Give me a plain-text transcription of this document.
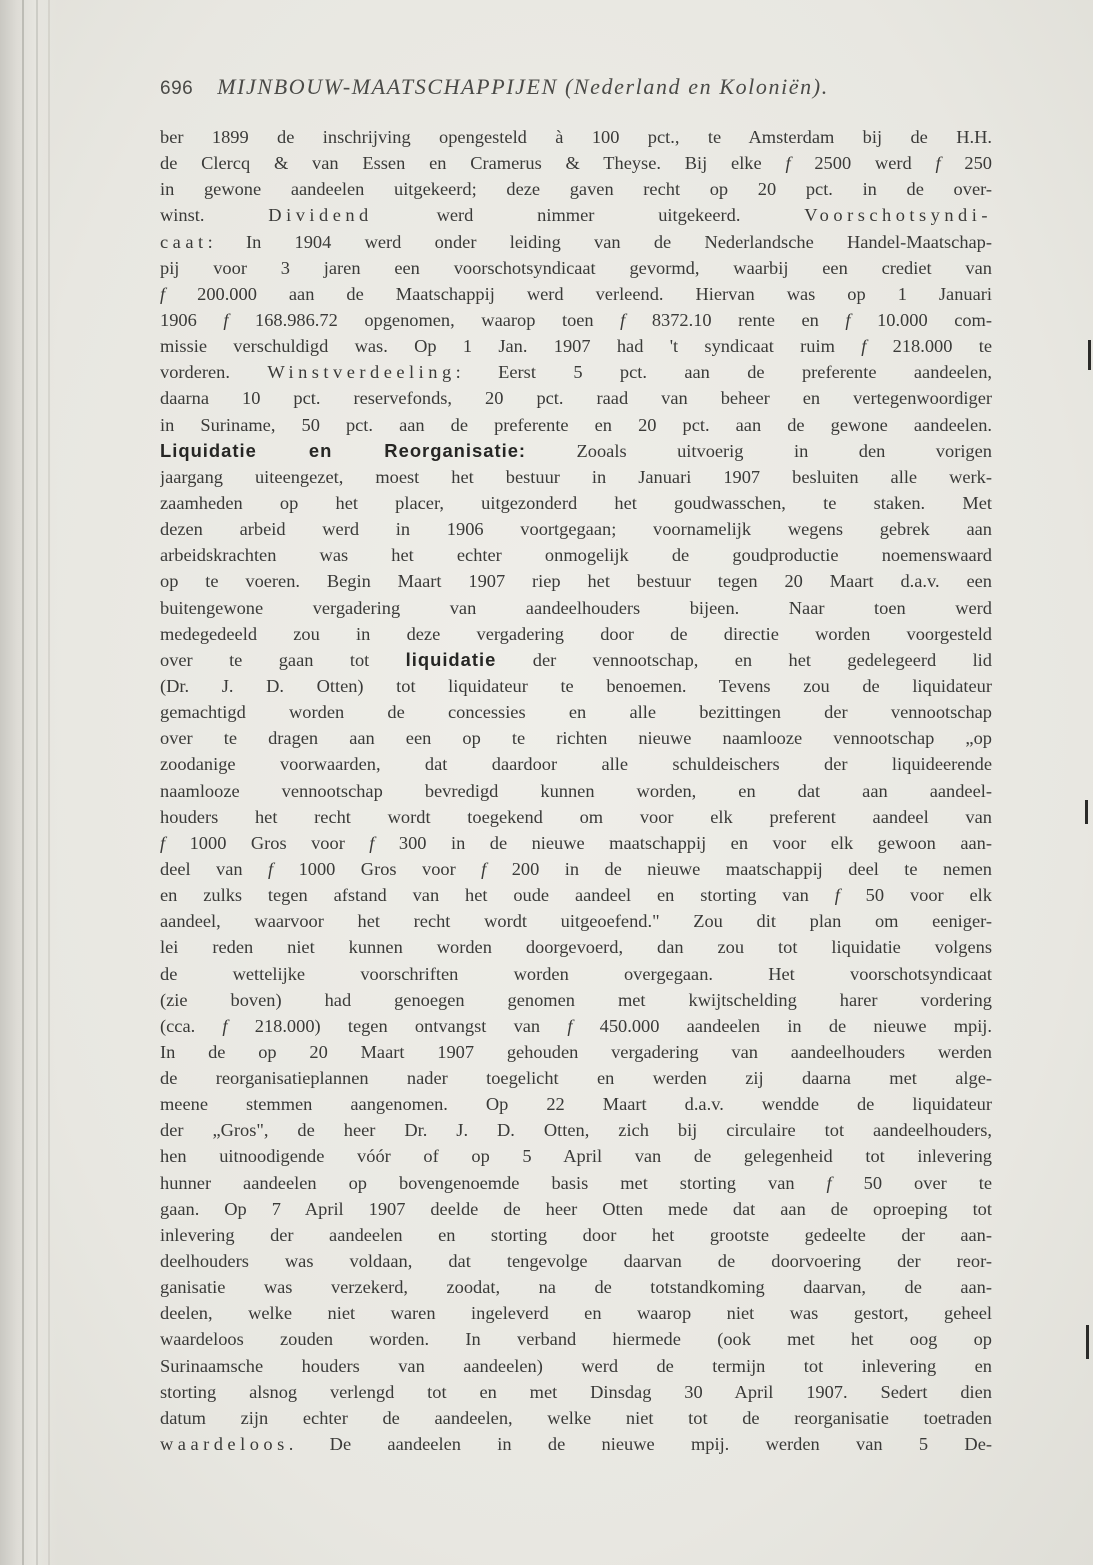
696 MIJNBOUW-MAATSCHAPPIJEN (Nederland en Koloniën).
ber 1899 de inschrijving opengesteld à 100 pct., te Amsterdam bij de H.H.
de Clercq & van Essen en Cramerus & Theyse. Bij elke f 2500 werd f 250
in gewone aandeelen uitgekeerd; deze gaven recht op 20 pct. in de over-
winst. Dividend werd nimmer uitgekeerd. Voorschotsyndi-
caat: In 1904 werd onder leiding van de Nederlandsche Handel-Maatschap-
pij voor 3 jaren een voorschotsyndicaat gevormd, waarbij een crediet van
f 200.000 aan de Maatschappij werd verleend. Hiervan was op 1 Januari
1906 f 168.986.72 opgenomen, waarop toen f 8372.10 rente en f 10.000 com-
missie verschuldigd was. Op 1 Jan. 1907 had 't syndicaat ruim f 218.000 te
vorderen. Winstverdeeling: Eerst 5 pct. aan de preferente aandeelen,
daarna 10 pct. reservefonds, 20 pct. raad van beheer en vertegenwoordiger
in Suriname, 50 pct. aan de preferente en 20 pct. aan de gewone aandeelen.
Liquidatie en Reorganisatie: Zooals uitvoerig in den vorigen
jaargang uiteengezet, moest het bestuur in Januari 1907 besluiten alle werk-
zaamheden op het placer, uitgezonderd het goudwasschen, te staken. Met
dezen arbeid werd in 1906 voortgegaan; voornamelijk wegens gebrek aan
arbeidskrachten was het echter onmogelijk de goudproductie noemenswaard
op te voeren. Begin Maart 1907 riep het bestuur tegen 20 Maart d.a.v. een
buitengewone vergadering van aandeelhouders bijeen. Naar toen werd
medegedeeld zou in deze vergadering door de directie worden voorgesteld
over te gaan tot liquidatie der vennootschap, en het gedelegeerd lid
(Dr. J. D. Otten) tot liquidateur te benoemen. Tevens zou de liquidateur
gemachtigd worden de concessies en alle bezittingen der vennootschap
over te dragen aan een op te richten nieuwe naamlooze vennootschap „op
zoodanige voorwaarden, dat daardoor alle schuldeischers der liquideerende
naamlooze vennootschap bevredigd kunnen worden, en dat aan aandeel-
houders het recht wordt toegekend om voor elk preferent aandeel van
f 1000 Gros voor f 300 in de nieuwe maatschappij en voor elk gewoon aan-
deel van f 1000 Gros voor f 200 in de nieuwe maatschappij deel te nemen
en zulks tegen afstand van het oude aandeel en storting van f 50 voor elk
aandeel, waarvoor het recht wordt uitgeoefend." Zou dit plan om eeniger-
lei reden niet kunnen worden doorgevoerd, dan zou tot liquidatie volgens
de wettelijke voorschriften worden overgegaan. Het voorschotsyndicaat
(zie boven) had genoegen genomen met kwijtschelding harer vordering
(cca. f 218.000) tegen ontvangst van f 450.000 aandeelen in de nieuwe mpij.
In de op 20 Maart 1907 gehouden vergadering van aandeelhouders werden
de reorganisatieplannen nader toegelicht en werden zij daarna met alge-
meene stemmen aangenomen. Op 22 Maart d.a.v. wendde de liquidateur
der „Gros", de heer Dr. J. D. Otten, zich bij circulaire tot aandeelhouders,
hen uitnoodigende vóór of op 5 April van de gelegenheid tot inlevering
hunner aandeelen op bovengenoemde basis met storting van f 50 over te
gaan. Op 7 April 1907 deelde de heer Otten mede dat aan de oproeping tot
inlevering der aandeelen en storting door het grootste gedeelte der aan-
deelhouders was voldaan, dat tengevolge daarvan de doorvoering der reor-
ganisatie was verzekerd, zoodat, na de totstandkoming daarvan, de aan-
deelen, welke niet waren ingeleverd en waarop niet was gestort, geheel
waardeloos zouden worden. In verband hiermede (ook met het oog op
Surinaamsche houders van aandeelen) werd de termijn tot inlevering en
storting alsnog verlengd tot en met Dinsdag 30 April 1907. Sedert dien
datum zijn echter de aandeelen, welke niet tot de reorganisatie toetraden
waardeloos. De aandeelen in de nieuwe mpij. werden van 5 De-
